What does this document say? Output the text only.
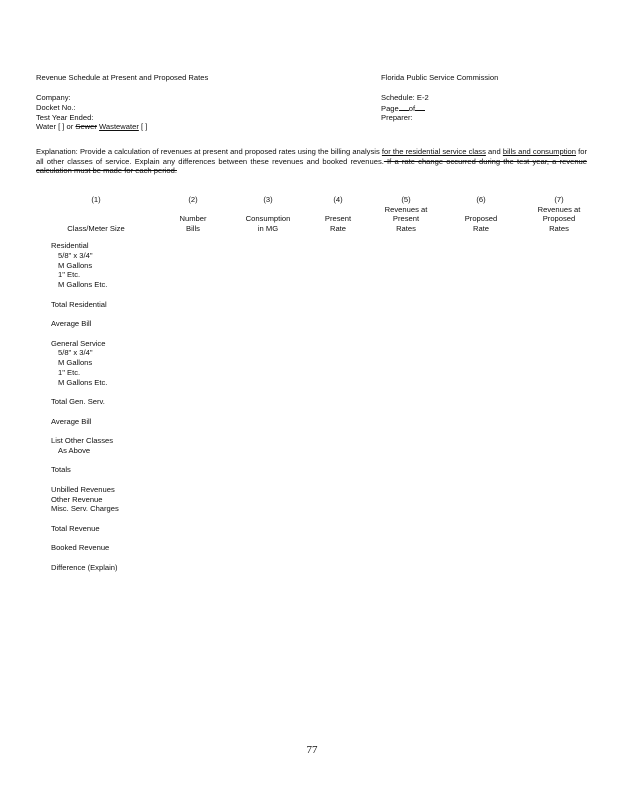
Revenue Schedule at Present and Proposed Rates
Company:
Docket No.:
Test Year Ended:
Water [ ] or Sewer Wastewater [ ]
Florida Public Service Commission
Schedule: E-2
Page of
Preparer:
Explanation: Provide a calculation of revenues at present and proposed rates using the billing analysis for the residential service class and bills and consumption for all other classes of service. Explain any differences between these revenues and booked revenues. If a rate change occurred during the test year, a revenue calculation must be made for each period.
(1)

Class/Meter Size
(2)

Number
Bills
(3)

Consumption
in MG
(4)

Present
Rate
(5)
Revenues at
Present
Rates
(6)

Proposed
Rate
(7)
Revenues at
Proposed
Rates
Residential
5/8" x 3/4"
M Gallons
1" Etc.
M Gallons Etc.
Total Residential
Average Bill
General Service
5/8" x 3/4"
M Gallons
1" Etc.
M Gallons Etc.
Total Gen. Serv.
Average Bill
List Other Classes
As Above
Totals
Unbilled Revenues
Other Revenue
Misc. Serv. Charges
Total Revenue
Booked Revenue
Difference (Explain)
77
